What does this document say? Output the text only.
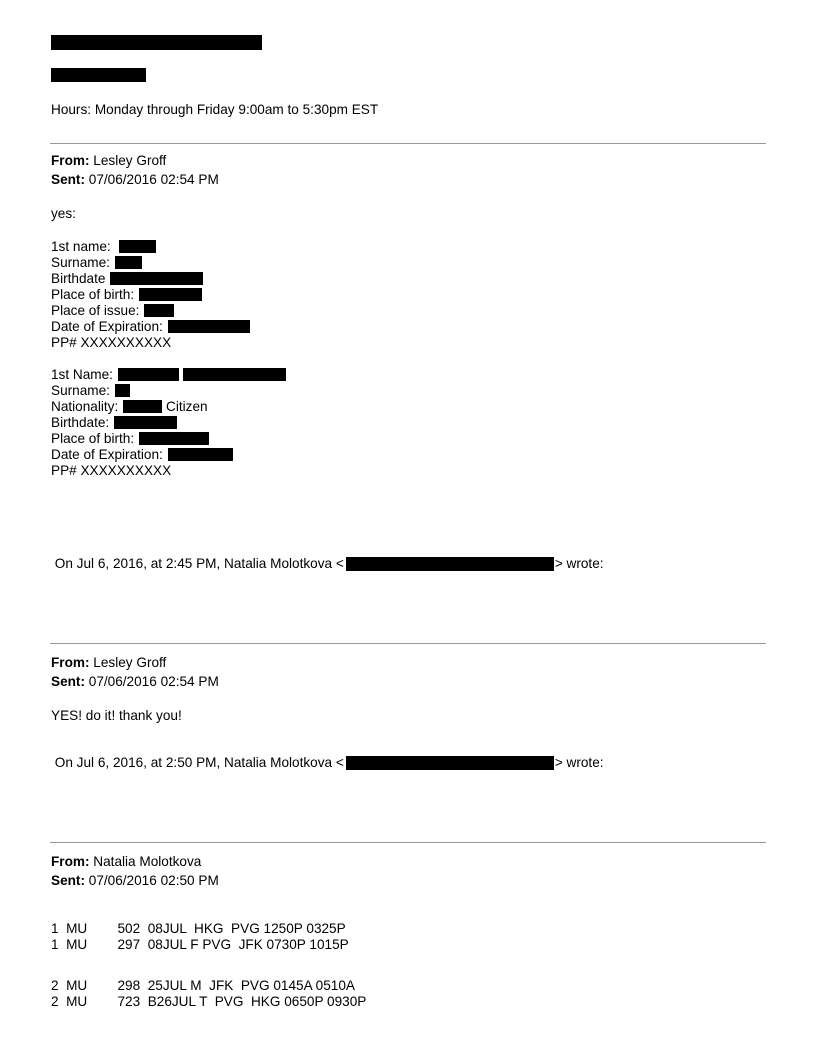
Hours: Monday through Friday 9:00am to 5:30pm EST
From: Lesley Groff
Sent: 07/06/2016 02:54 PM
yes:
1st name:
Surname:
Birthdate
Place of birth:
Place of issue:
Date of Expiration:
PP# XXXXXXXXXX
1st Name:
Surname:
Nationality:	Citizen
Birthdate:
Place of birth:
Date of Expiration:
PP# XXXXXXXXXX
On Jul 6, 2016, at 2:45 PM, Natalia Molotkova <	> wrote:
From: Lesley Groff
Sent: 07/06/2016 02:54 PM
YES! do it! thank you!
On Jul 6, 2016, at 2:50 PM, Natalia Molotkova <	> wrote:
From: Natalia Molotkova
Sent: 07/06/2016 02:50 PM
1  MU        502  08JUL  HKG  PVG 1250P 0325P
1  MU        297  08JUL F PVG  JFK 0730P 1015P
2  MU        298  25JUL M  JFK  PVG 0145A 0510A
2  MU        723  B26JUL T  PVG  HKG 0650P 0930P
